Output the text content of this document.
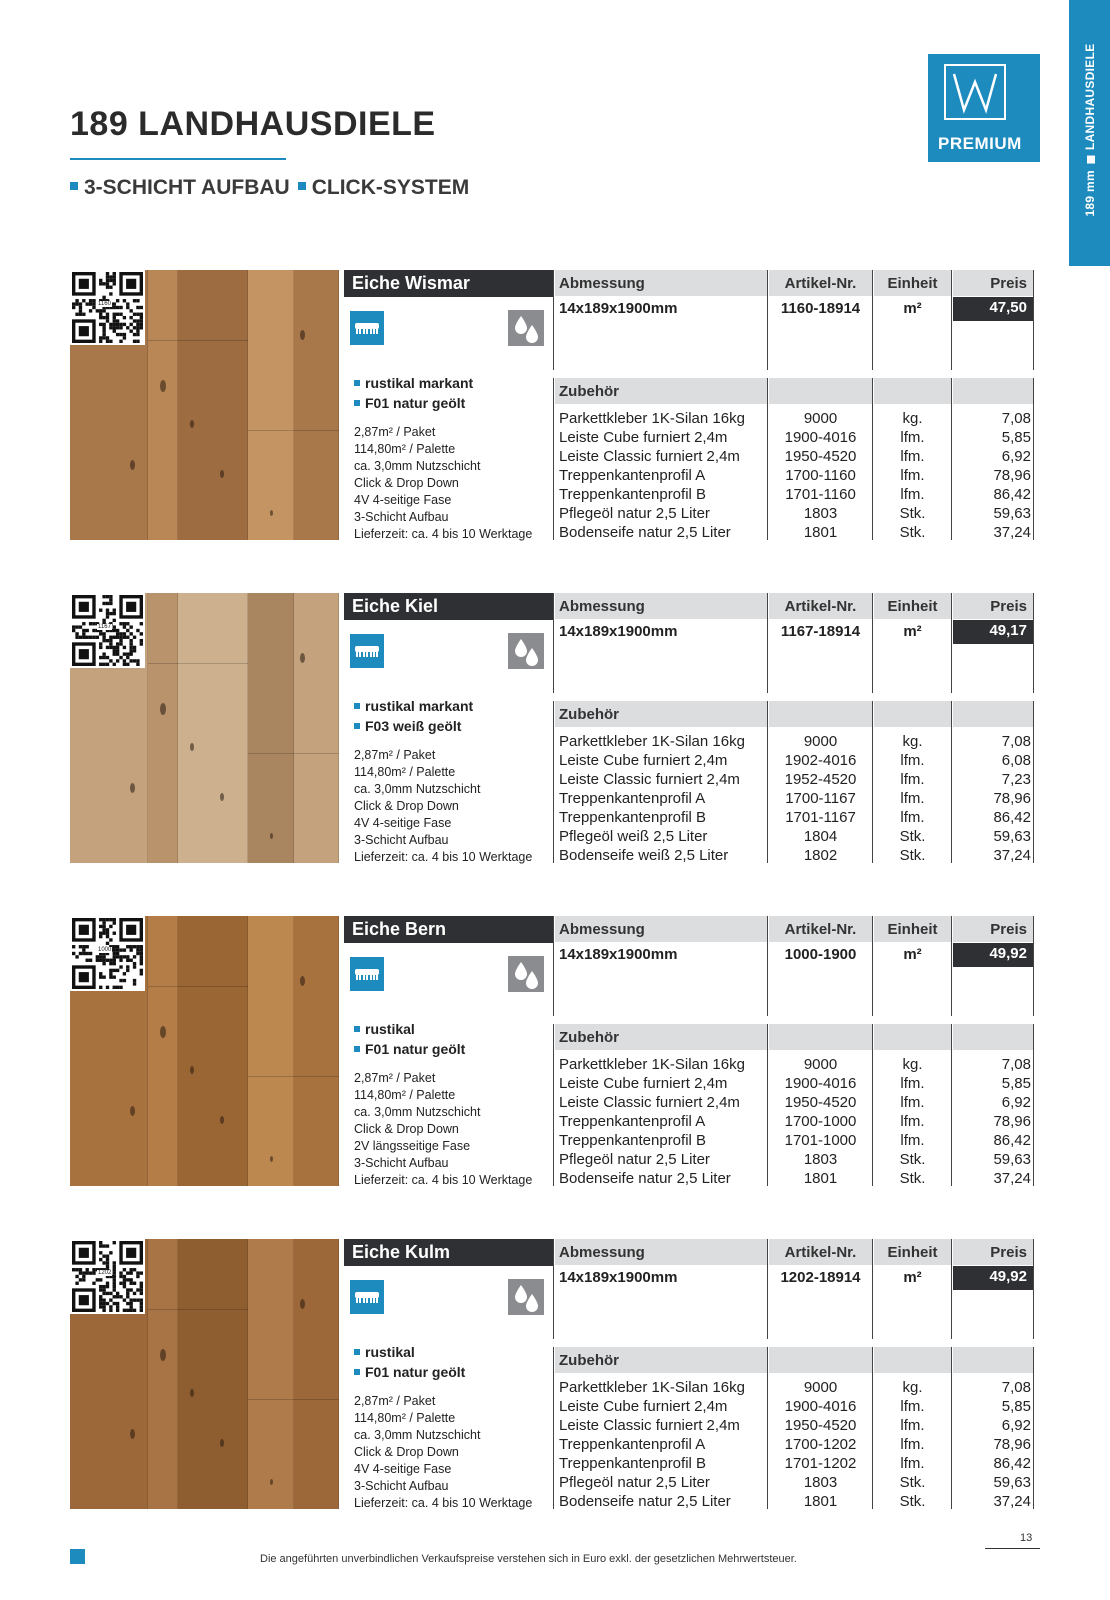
189 mmLANDHAUSDIELE
PREMIUM
189 LANDHAUSDIELE
3-SCHICHT AUFBAU CLICK-SYSTEM
1160
Eiche Wismar
rustikal markant
F01 natur geölt
2,87m² / Paket
114,80m² / Palette
ca. 3,0mm Nutzschicht
Click & Drop Down
4V 4-seitige Fase
3-Schicht Aufbau
Lieferzeit: ca. 4 bis 10 Werktage
Abmessung	Artikel-Nr.	Einheit	Preis
14x189x1900mm	1160-18914	m²	47,50
Zubehör
Parkettkleber 1K-Silan 16kg	9000	kg.	7,08
Leiste Cube furniert 2,4m	1900-4016	lfm.	5,85
Leiste Classic furniert 2,4m	1950-4520	lfm.	6,92
Treppenkantenprofil A	1700-1160	lfm.	78,96
Treppenkantenprofil B	1701-1160	lfm.	86,42
Pflegeöl natur 2,5 Liter	1803	Stk.	59,63
Bodenseife natur 2,5 Liter	1801	Stk.	37,24
1167
Eiche Kiel
rustikal markant
F03 weiß geölt
2,87m² / Paket
114,80m² / Palette
ca. 3,0mm Nutzschicht
Click & Drop Down
4V 4-seitige Fase
3-Schicht Aufbau
Lieferzeit: ca. 4 bis 10 Werktage
Abmessung	Artikel-Nr.	Einheit	Preis
14x189x1900mm	1167-18914	m²	49,17
Zubehör
Parkettkleber 1K-Silan 16kg	9000	kg.	7,08
Leiste Cube furniert 2,4m	1902-4016	lfm.	6,08
Leiste Classic furniert 2,4m	1952-4520	lfm.	7,23
Treppenkantenprofil A	1700-1167	lfm.	78,96
Treppenkantenprofil B	1701-1167	lfm.	86,42
Pflegeöl weiß 2,5 Liter	1804	Stk.	59,63
Bodenseife weiß 2,5 Liter	1802	Stk.	37,24
1000
Eiche Bern
rustikal
F01 natur geölt
2,87m² / Paket
114,80m² / Palette
ca. 3,0mm Nutzschicht
Click & Drop Down
2V längsseitige Fase
3-Schicht Aufbau
Lieferzeit: ca. 4 bis 10 Werktage
Abmessung	Artikel-Nr.	Einheit	Preis
14x189x1900mm	1000-1900	m²	49,92
Zubehör
Parkettkleber 1K-Silan 16kg	9000	kg.	7,08
Leiste Cube furniert 2,4m	1900-4016	lfm.	5,85
Leiste Classic furniert 2,4m	1950-4520	lfm.	6,92
Treppenkantenprofil A	1700-1000	lfm.	78,96
Treppenkantenprofil B	1701-1000	lfm.	86,42
Pflegeöl natur 2,5 Liter	1803	Stk.	59,63
Bodenseife natur 2,5 Liter	1801	Stk.	37,24
1202
Eiche Kulm
rustikal
F01 natur geölt
2,87m² / Paket
114,80m² / Palette
ca. 3,0mm Nutzschicht
Click & Drop Down
4V 4-seitige Fase
3-Schicht Aufbau
Lieferzeit: ca. 4 bis 10 Werktage
Abmessung	Artikel-Nr.	Einheit	Preis
14x189x1900mm	1202-18914	m²	49,92
Zubehör
Parkettkleber 1K-Silan 16kg	9000	kg.	7,08
Leiste Cube furniert 2,4m	1900-4016	lfm.	5,85
Leiste Classic furniert 2,4m	1950-4520	lfm.	6,92
Treppenkantenprofil A	1700-1202	lfm.	78,96
Treppenkantenprofil B	1701-1202	lfm.	86,42
Pflegeöl natur 2,5 Liter	1803	Stk.	59,63
Bodenseife natur 2,5 Liter	1801	Stk.	37,24
Die angeführten unverbindlichen Verkaufspreise verstehen sich in Euro exkl. der gesetzlichen Mehrwertsteuer.
13
